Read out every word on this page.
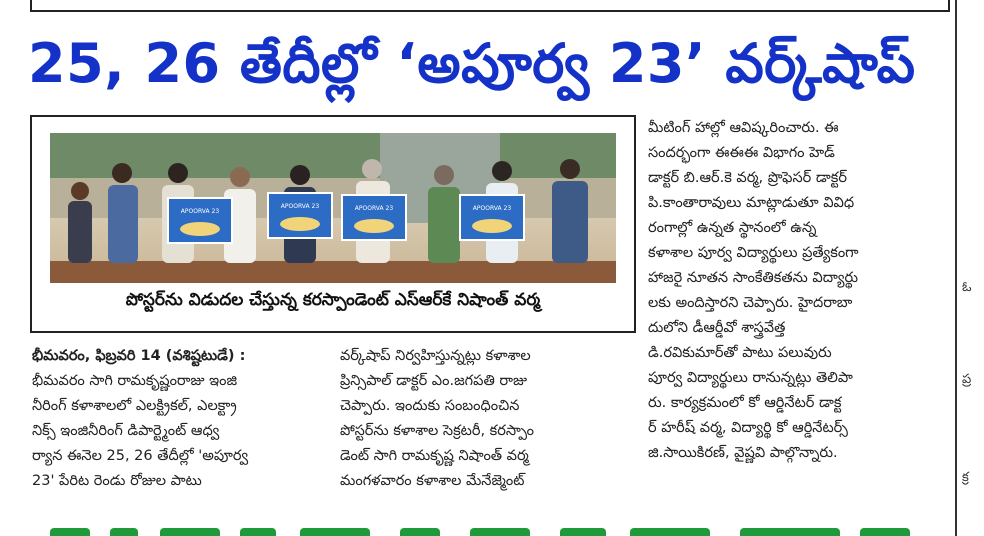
25, 26 తేదీల్లో ‘అపూర్వ 23’ వర్క్‌షాప్
APOORVA 23
APOORVA 23	APOORVA 23	APOORVA 23
పోస్టర్‌ను విడుదల చేస్తున్న కరస్పాండెంట్ ఎస్ఆర్‌కే నిషాంత్ వర్మ
భీమవరం, ఫిబ్రవరి 14 (వశిష్టటుడే) :
భీమవరం సాగి రామకృష్ణంరాజు ఇంజి
నీరింగ్ కళాశాలలో ఎలక్ట్రికల్, ఎలక్ట్రా
నిక్స్ ఇంజినీరింగ్ డిపార్ట్మెంట్ ఆధ్వ
ర్యాన ఈనెల 25, 26 తేదీల్లో 'అపూర్వ
23' పేరిట రెండు రోజుల పాటు
వర్క్‌షాప్ నిర్వహిస్తున్నట్లు కళాశాల
ప్రిన్సిపాల్ డాక్టర్ ఎం.జగపతి రాజు
చెప్పారు. ఇందుకు సంబంధించిన
పోస్టర్‌ను కళాశాల సెక్రటరీ, కరస్పాం
డెంట్ సాగి రామకృష్ణ నిషాంత్ వర్మ
మంగళవారం కళాశాల మేనేజ్మెంట్
మీటింగ్ హాల్లో ఆవిష్కరించారు. ఈ
సందర్భంగా ఈఈఈ విభాగం హెడ్
డాక్టర్ బి.ఆర్.కె వర్మ, ప్రొఫెసర్ డాక్టర్
పి.కాంతారావులు మాట్లాడుతూ వివిధ
రంగాల్లో ఉన్నత స్థానంలో ఉన్న
కళాశాల పూర్వ విద్యార్థులు ప్రత్యేకంగా
హాజరై నూతన సాంకేతికతను విద్యార్థు
లకు అందిస్తారని చెప్పారు. హైదరాబా
దులోని డీఆర్డీవో శాస్త్రవేత్త
డి.రవికుమార్‌తో పాటు పలువురు
పూర్వ విద్యార్థులు రానున్నట్లు తెలిపా
రు. కార్యక్రమంలో కో ఆర్డినేటర్ డాక్ట
ర్ హరీష్ వర్మ, విద్యార్థి కో ఆర్డినేటర్స్
జి.సాయికిరణ్, వైష్ణవి పాల్గొన్నారు.
ఓ
ప్ర
క్ర
